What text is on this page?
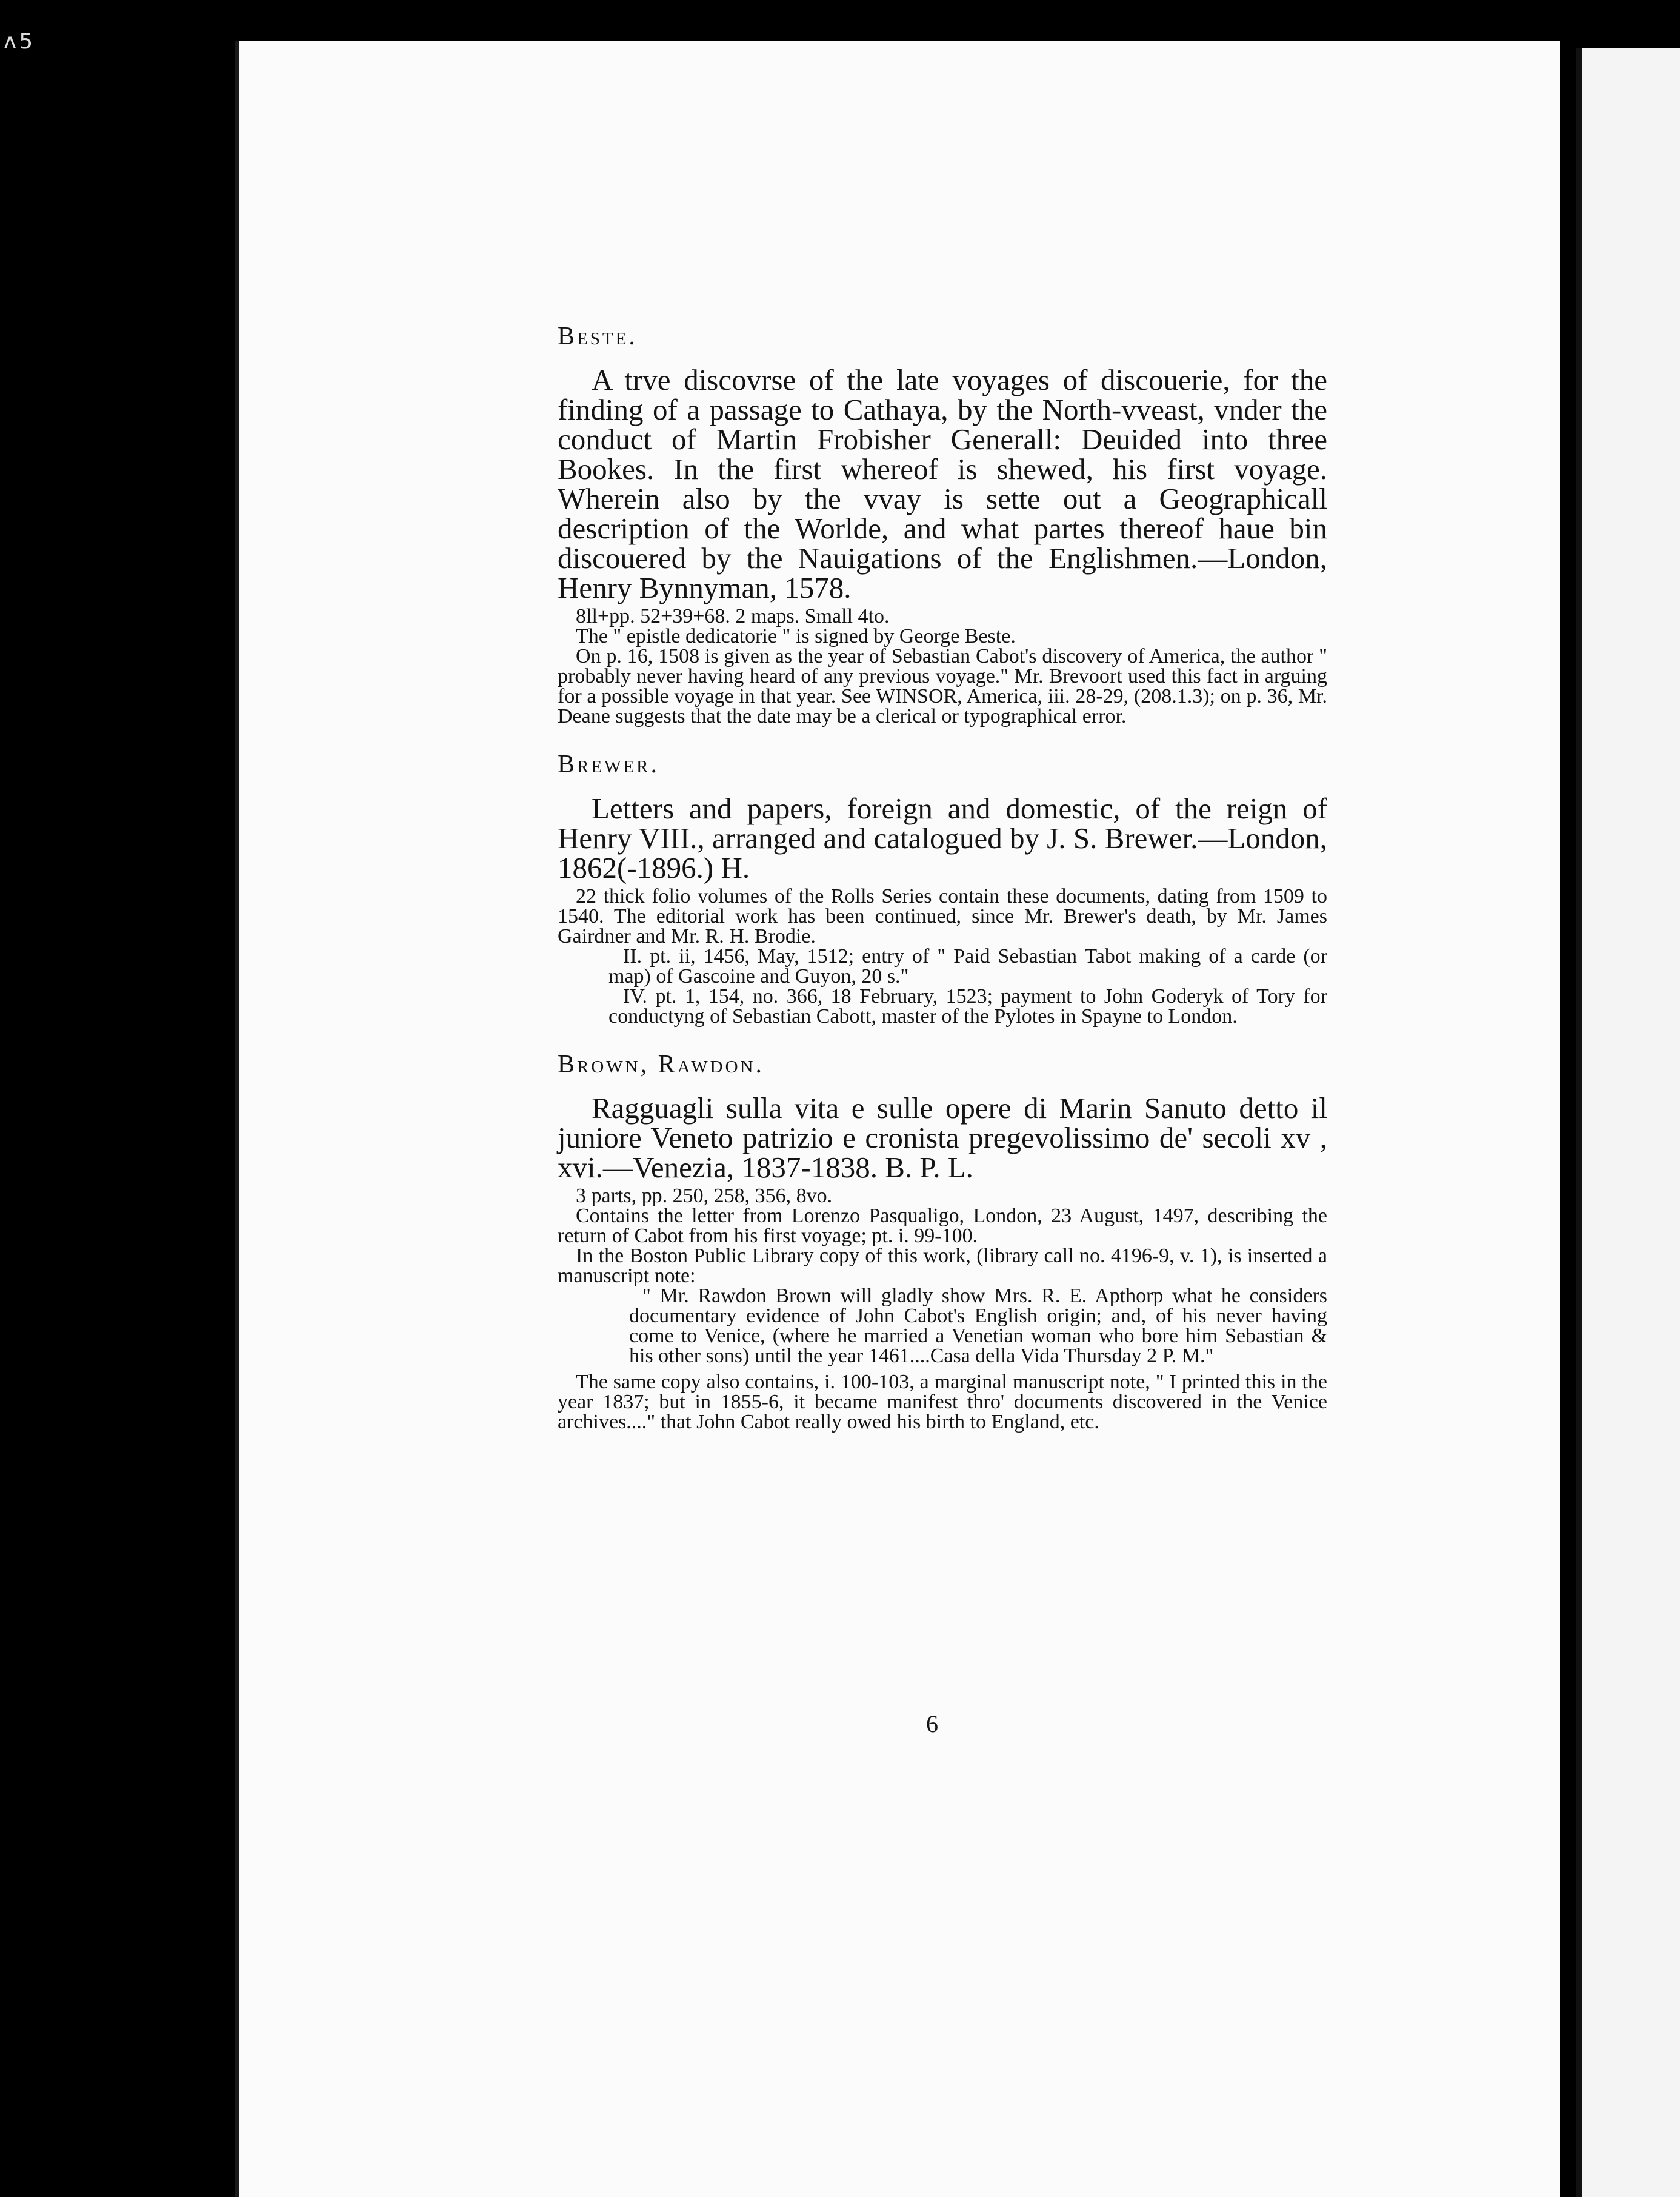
ʌ5
Beste.

A trve discovrse of the late voyages of discouerie, for the finding of a passage to Cathaya, by the North-vveast, vnder the conduct of Martin Frobisher Generall: Deuided into three Bookes. In the first whereof is shewed, his first voyage. Wherein also by the vvay is sette out a Geographicall description of the Worlde, and what partes thereof haue bin discouered by the Nauigations of the Englishmen.—London, Henry Bynnyman, 1578.

8ll+pp. 52+39+68. 2 maps. Small 4to.

The " epistle dedicatorie " is signed by George Beste.

On p. 16, 1508 is given as the year of Sebastian Cabot's discovery of America, the author " probably never having heard of any previous voyage." Mr. Brevoort used this fact in arguing for a possible voyage in that year. See WINSOR, America, iii. 28-29, (208.1.3); on p. 36, Mr. Deane suggests that the date may be a clerical or typographical error.

Brewer.

Letters and papers, foreign and domestic, of the reign of Henry VIII., arranged and catalogued by J. S. Brewer.—London, 1862(-1896.) H.

22 thick folio volumes of the Rolls Series contain these documents, dating from 1509 to 1540. The editorial work has been continued, since Mr. Brewer's death, by Mr. James Gairdner and Mr. R. H. Brodie.

II. pt. ii, 1456, May, 1512; entry of " Paid Sebastian Tabot making of a carde (or map) of Gascoine and Guyon, 20 s."

IV. pt. 1, 154, no. 366, 18 February, 1523; payment to John Goderyk of Tory for conductyng of Sebastian Cabott, master of the Pylotes in Spayne to London.

Brown, Rawdon.

Ragguagli sulla vita e sulle opere di Marin Sanuto detto il juniore Veneto patrizio e cronista pregevolissimo de' secoli xv , xvi.—Venezia, 1837-1838. B. P. L.

3 parts, pp. 250, 258, 356, 8vo.

Contains the letter from Lorenzo Pasqualigo, London, 23 August, 1497, describing the return of Cabot from his first voyage; pt. i. 99-100.

In the Boston Public Library copy of this work, (library call no. 4196-9, v. 1), is inserted a manuscript note:

" Mr. Rawdon Brown will gladly show Mrs. R. E. Apthorp what he considers documentary evidence of John Cabot's English origin; and, of his never having come to Venice, (where he married a Venetian woman who bore him Sebastian & his other sons) until the year 1461....Casa della Vida Thursday 2 P. M."

The same copy also contains, i. 100-103, a marginal manuscript note, " I printed this in the year 1837; but in 1855-6, it became manifest thro' documents discovered in the Venice archives...." that John Cabot really owed his birth to England, etc.

6
